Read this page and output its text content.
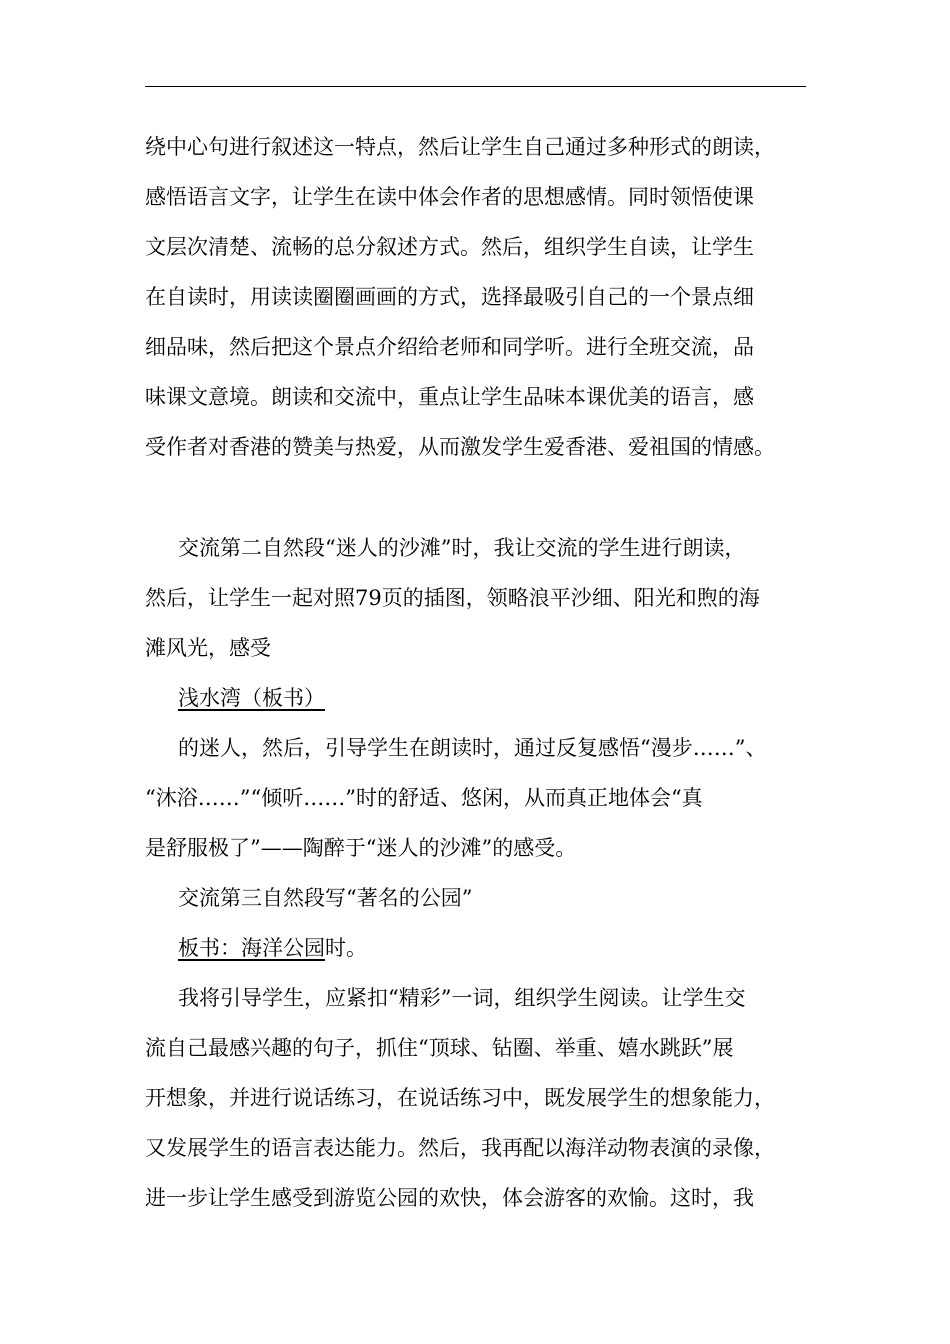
绕中心句进行叙述这一特点，然后让学生自己通过多种形式的朗读，
感悟语言文字，让学生在读中体会作者的思想感情。同时领悟使课
文层次清楚、流畅的总分叙述方式。然后，组织学生自读，让学生
在自读时，用读读圈圈画画的方式，选择最吸引自己的一个景点细
细品味，然后把这个景点介绍给老师和同学听。进行全班交流，品
味课文意境。朗读和交流中，重点让学生品味本课优美的语言，感
受作者对香港的赞美与热爱，从而激发学生爱香港、爱祖国的情感。
交流第二自然段“迷人的沙滩”时，我让交流的学生进行朗读，
然后，让学生一起对照79页的插图，领略浪平沙细、阳光和煦的海
滩风光，感受
浅水湾（板书）
的迷人，然后，引导学生在朗读时，通过反复感悟“漫步……”、
“沐浴……”“倾听……”时的舒适、悠闲，从而真正地体会“真
是舒服极了”——陶醉于“迷人的沙滩”的感受。
交流第三自然段写“著名的公园”
板书：海洋公园时。
我将引导学生，应紧扣“精彩”一词，组织学生阅读。让学生交
流自己最感兴趣的句子，抓住“顶球、钻圈、举重、嬉水跳跃”展
开想象，并进行说话练习，在说话练习中，既发展学生的想象能力，
又发展学生的语言表达能力。然后，我再配以海洋动物表演的录像，
进一步让学生感受到游览公园的欢快，体会游客的欢愉。这时，我
